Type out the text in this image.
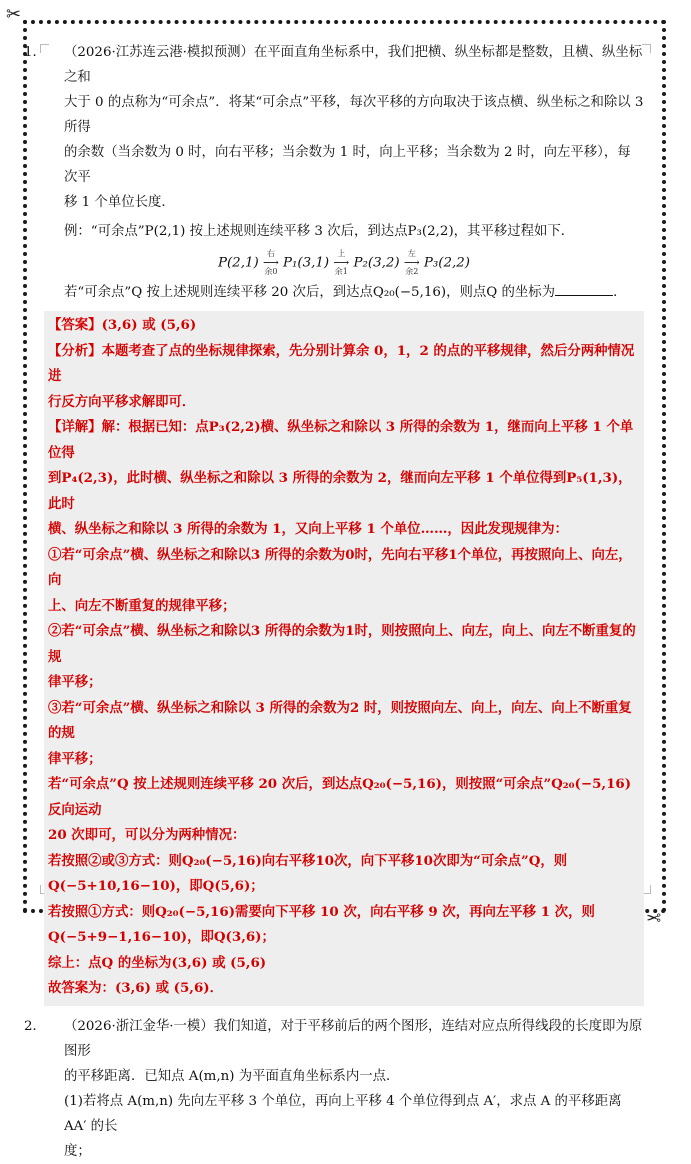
✂
✂

1． （2026·江苏连云港·模拟预测）在平面直角坐标系中，我们把横、纵坐标都是整数，且横、纵坐标之和

大于 0 的点称为“可余点”．将某“可余点”平移，每次平移的方向取决于该点横、纵坐标之和除以 3 所得

的余数（当余数为 0 时，向右平移；当余数为 1 时，向上平移；当余数为 2 时，向左平移），每次平

移 1 个单位长度．

例：“可余点”P(2,1) 按上述规则连续平移 3 次后，到达点P₃(2,2)，其平移过程如下．

P(2,1)
右
⟶
余0
P₁(3,1)
上
⟶
余1
P₂(3,2)
左
⟶
余2
P₃(2,2)

若“可余点”Q 按上述规则连续平移 20 次后，到达点Q₂₀(−5,16)，则点Q 的坐标为	．

【答案】(3,6) 或 (5,6)

【分析】本题考查了点的坐标规律探索，先分别计算余 0，1，2 的点的平移规律，然后分两种情况进

行反方向平移求解即可．

【详解】解：根据已知：点P₃(2,2)横、纵坐标之和除以 3 所得的余数为 1，继而向上平移 1 个单位得

到P₄(2,3)，此时横、纵坐标之和除以 3 所得的余数为 2，继而向左平移 1 个单位得到P₅(1,3)，此时

横、纵坐标之和除以 3 所得的余数为 1，又向上平移 1 个单位……，因此发现规律为：

①若“可余点”横、纵坐标之和除以3 所得的余数为0时，先向右平移1个单位，再按照向上、向左，向

上、向左不断重复的规律平移；

②若“可余点”横、纵坐标之和除以3 所得的余数为1时，则按照向上、向左，向上、向左不断重复的规

律平移；

③若“可余点”横、纵坐标之和除以 3 所得的余数为2 时，则按照向左、向上，向左、向上不断重复的规

律平移；

若“可余点”Q 按上述规则连续平移 20 次后，到达点Q₂₀(−5,16)，则按照“可余点”Q₂₀(−5,16)反向运动

20 次即可，可以分为两种情况：

若按照②或③方式：则Q₂₀(−5,16)向右平移10次，向下平移10次即为“可余点”Q，则

Q(−5+10,16−10)，即Q(5,6)；

若按照①方式：则Q₂₀(−5,16)需要向下平移 10 次，向右平移 9 次，再向左平移 1 次，则

Q(−5+9−1,16−10)，即Q(3,6)；

综上：点Q 的坐标为(3,6) 或 (5,6)

故答案为：(3,6) 或 (5,6)．

2． （2026·浙江金华·一模）我们知道，对于平移前后的两个图形，连结对应点所得线段的长度即为原图形

的平移距离．已知点 A(m,n) 为平面直角坐标系内一点．

(1)若将点 A(m,n) 先向左平移 3 个单位，再向上平移 4 个单位得到点 A′，求点 A 的平移距离 AA′ 的长

度；
